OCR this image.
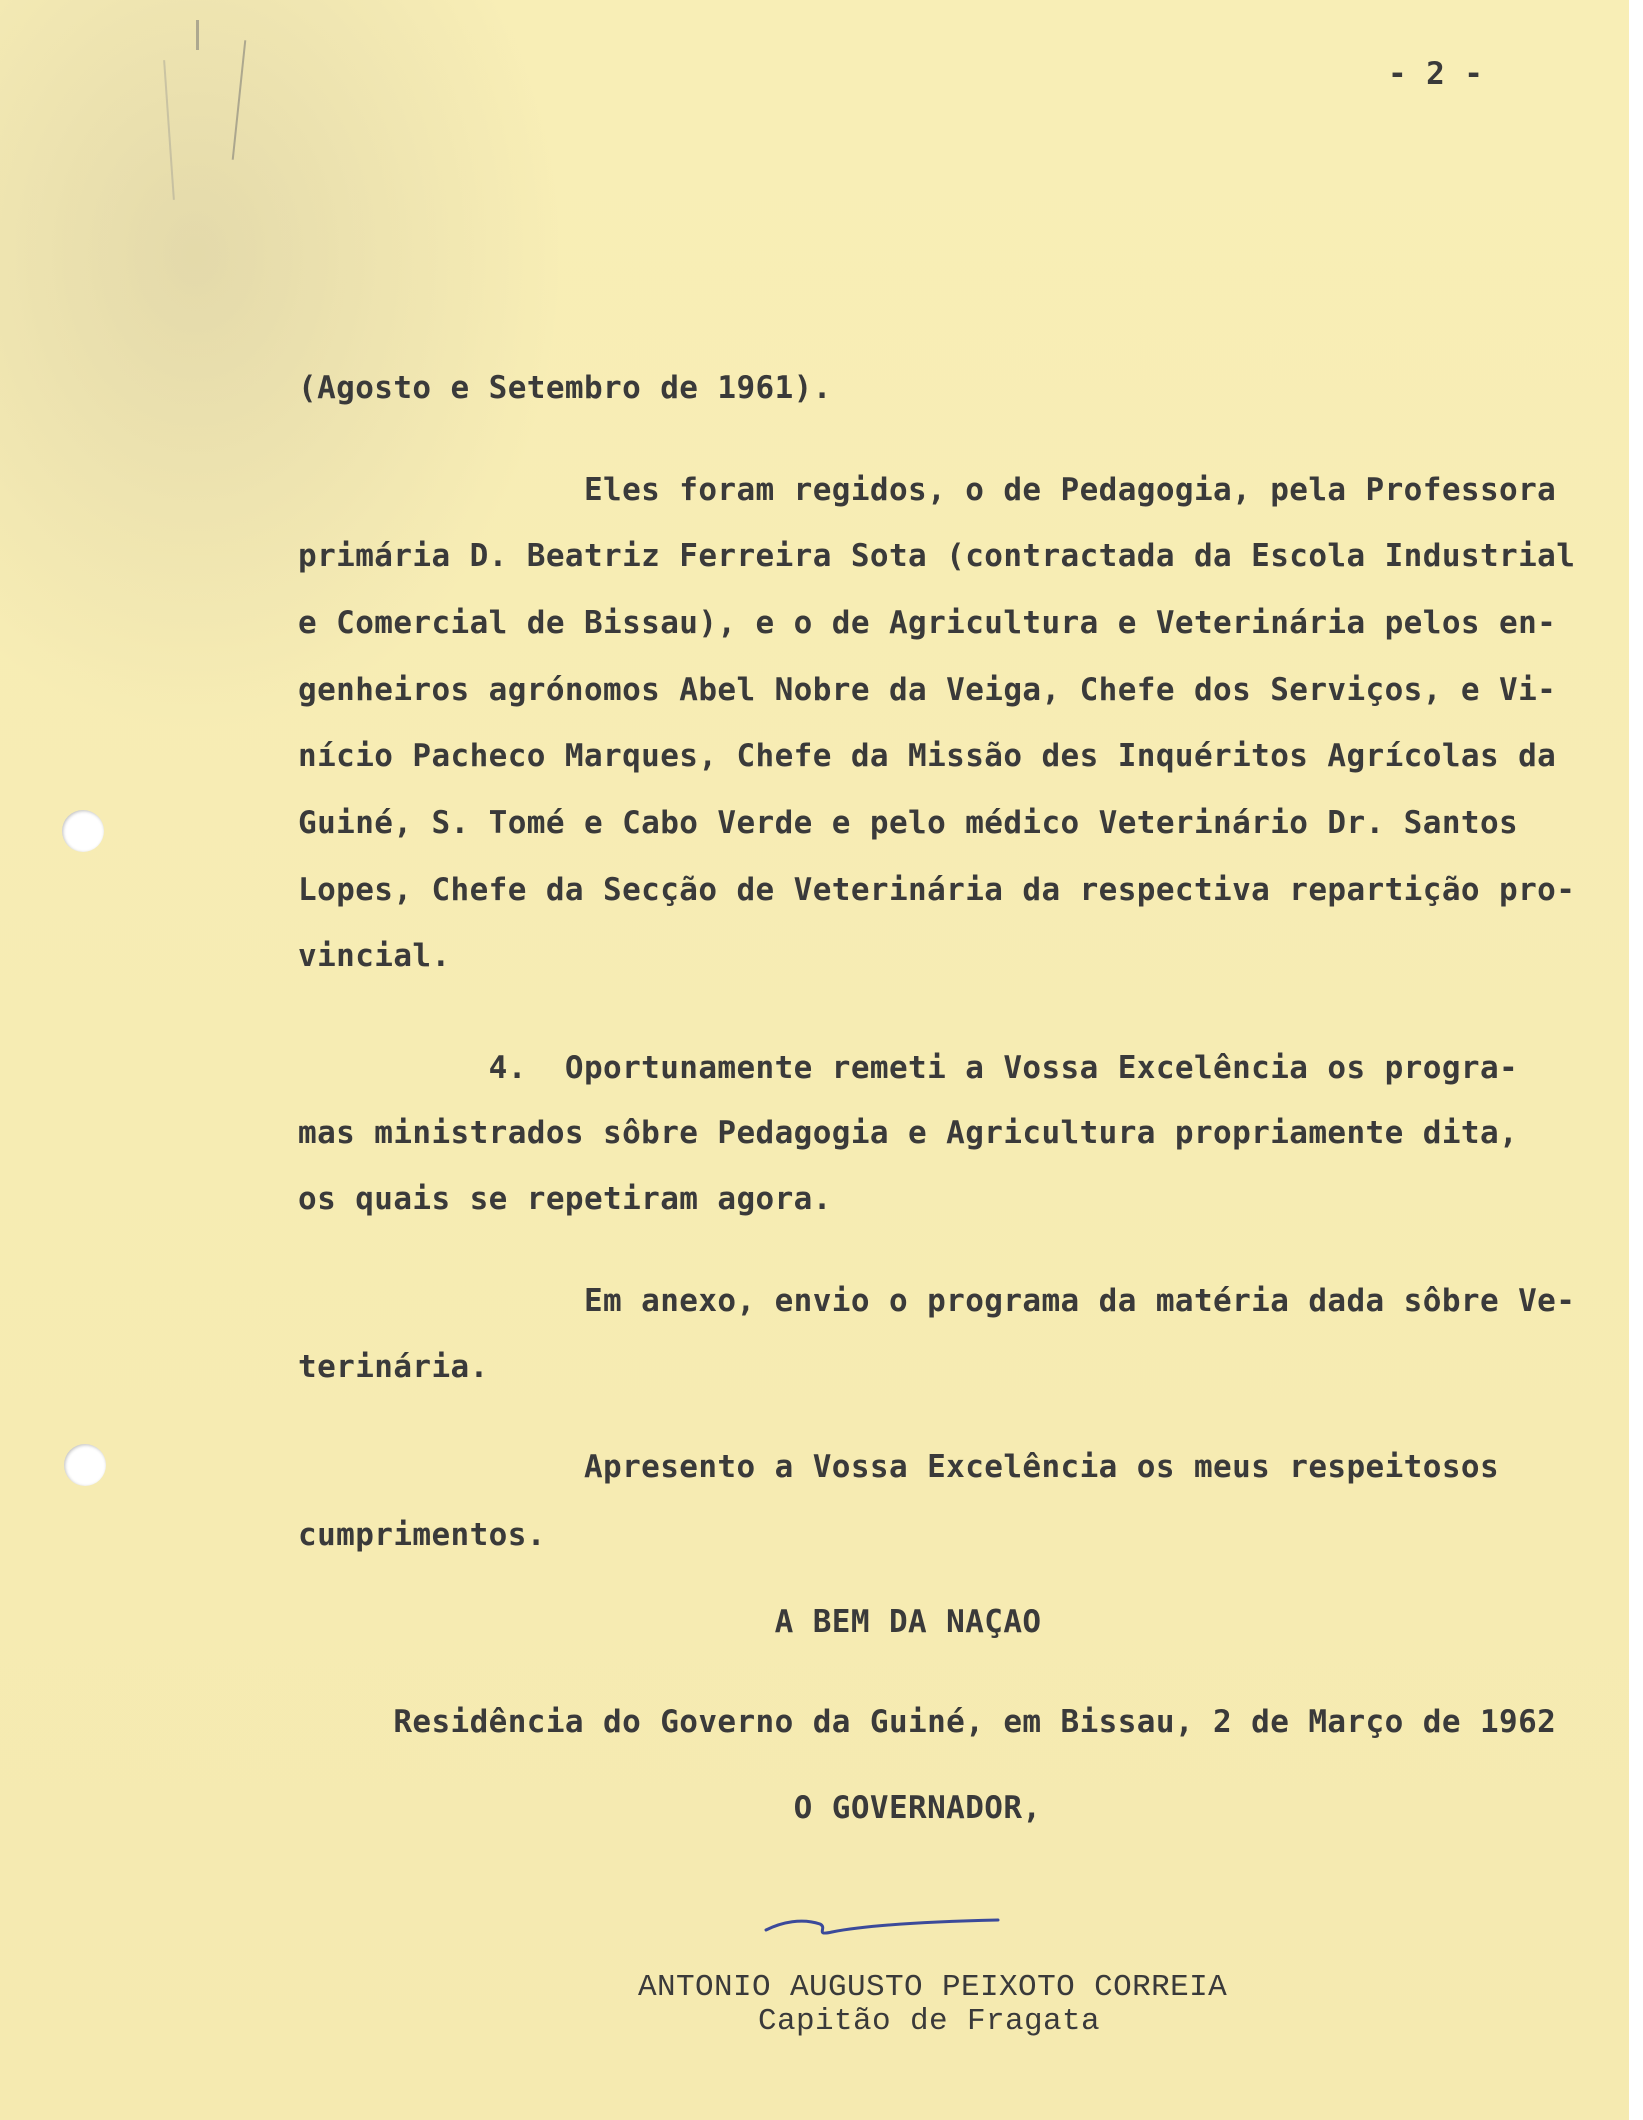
- 2 -
(Agosto e Setembro de 1961).
Eles foram regidos, o de Pedagogia, pela Professora
primária D. Beatriz Ferreira Sota (contractada da Escola Industrial
e Comercial de Bissau), e o de Agricultura e Veterinária pelos en-
genheiros agrónomos Abel Nobre da Veiga, Chefe dos Serviços, e Vi-
nício Pacheco Marques, Chefe da Missão des Inquéritos Agrícolas da
Guiné, S. Tomé e Cabo Verde e pelo médico Veterinário Dr. Santos
Lopes, Chefe da Secção de Veterinária da respectiva repartição pro-
vincial.
4.  Oportunamente remeti a Vossa Excelência os progra-
mas ministrados sôbre Pedagogia e Agricultura propriamente dita,
os quais se repetiram agora.
Em anexo, envio o programa da matéria dada sôbre Ve-
terinária.
Apresento a Vossa Excelência os meus respeitosos
cumprimentos.
A BEM DA NAÇAO
Residência do Governo da Guiné, em Bissau, 2 de Março de 1962
O GOVERNADOR,
ANTONIO AUGUSTO PEIXOTO CORREIA
Capitão de Fragata
